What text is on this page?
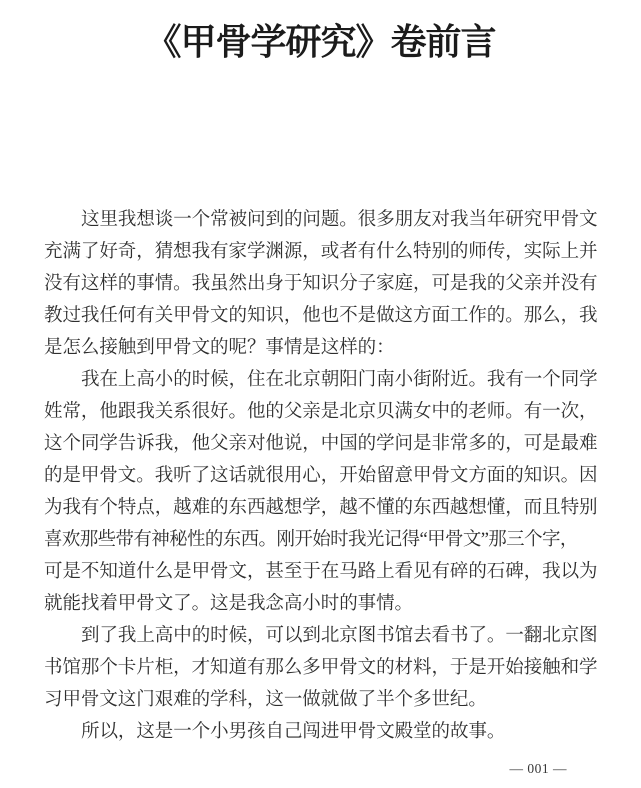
《甲骨学研究》卷前言
这里我想谈一个常被问到的问题。很多朋友对我当年研究甲骨文
充满了好奇，猜想我有家学渊源，或者有什么特别的师传，实际上并
没有这样的事情。我虽然出身于知识分子家庭，可是我的父亲并没有
教过我任何有关甲骨文的知识，他也不是做这方面工作的。那么，我
是怎么接触到甲骨文的呢？事情是这样的：
我在上高小的时候，住在北京朝阳门南小街附近。我有一个同学
姓常，他跟我关系很好。他的父亲是北京贝满女中的老师。有一次，
这个同学告诉我，他父亲对他说，中国的学问是非常多的，可是最难
的是甲骨文。我听了这话就很用心，开始留意甲骨文方面的知识。因
为我有个特点，越难的东西越想学，越不懂的东西越想懂，而且特别
喜欢那些带有神秘性的东西。刚开始时我光记得“甲骨文”那三个字，
可是不知道什么是甲骨文，甚至于在马路上看见有碎的石碑，我以为
就能找着甲骨文了。这是我念高小时的事情。
到了我上高中的时候，可以到北京图书馆去看书了。一翻北京图
书馆那个卡片柜，才知道有那么多甲骨文的材料，于是开始接触和学
习甲骨文这门艰难的学科，这一做就做了半个多世纪。
所以，这是一个小男孩自己闯进甲骨文殿堂的故事。
— 001 —
